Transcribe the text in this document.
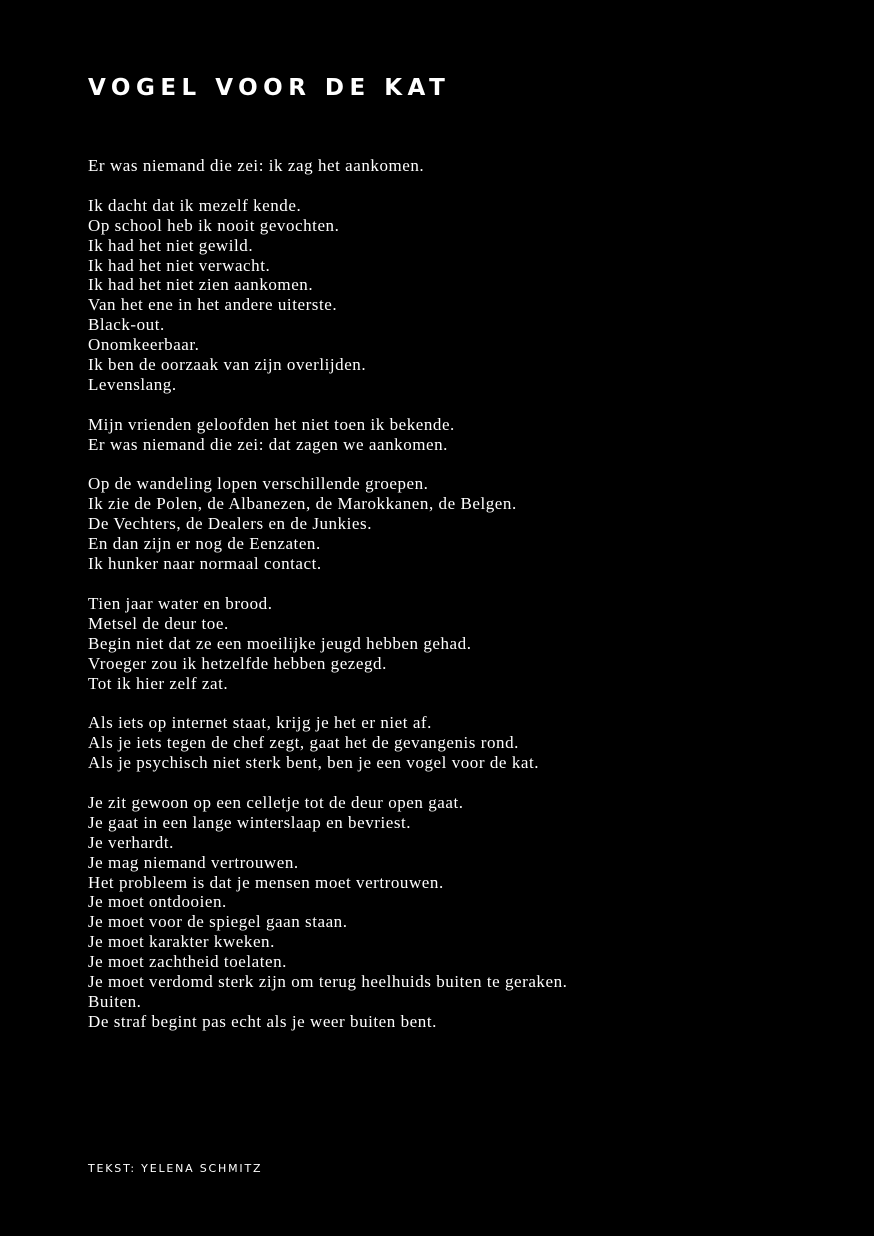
VOGEL VOOR DE KAT
Er was niemand die zei: ik zag het aankomen.
Ik dacht dat ik mezelf kende.
Op school heb ik nooit gevochten.
Ik had het niet gewild.
Ik had het niet verwacht.
Ik had het niet zien aankomen.
Van het ene in het andere uiterste.
Black-out.
Onomkeerbaar.
Ik ben de oorzaak van zijn overlijden.
Levenslang.
Mijn vrienden geloofden het niet toen ik bekende.
Er was niemand die zei: dat zagen we aankomen.
Op de wandeling lopen verschillende groepen.
Ik zie de Polen, de Albanezen, de Marokkanen, de Belgen.
De Vechters, de Dealers en de Junkies.
En dan zijn er nog de Eenzaten.
Ik hunker naar normaal contact.
Tien jaar water en brood.
Metsel de deur toe.
Begin niet dat ze een moeilijke jeugd hebben gehad.
Vroeger zou ik hetzelfde hebben gezegd.
Tot ik hier zelf zat.
Als iets op internet staat, krijg je het er niet af.
Als je iets tegen de chef zegt, gaat het de gevangenis rond.
Als je psychisch niet sterk bent, ben je een vogel voor de kat.
Je zit gewoon op een celletje tot de deur open gaat.
Je gaat in een lange winterslaap en bevriest.
Je verhardt.
Je mag niemand vertrouwen.
Het probleem is dat je mensen moet vertrouwen.
Je moet ontdooien.
Je moet voor de spiegel gaan staan.
Je moet karakter kweken.
Je moet zachtheid toelaten.
Je moet verdomd sterk zijn om terug heelhuids buiten te geraken.
Buiten.
De straf begint pas echt als je weer buiten bent.

TEKST: YELENA SCHMITZ
